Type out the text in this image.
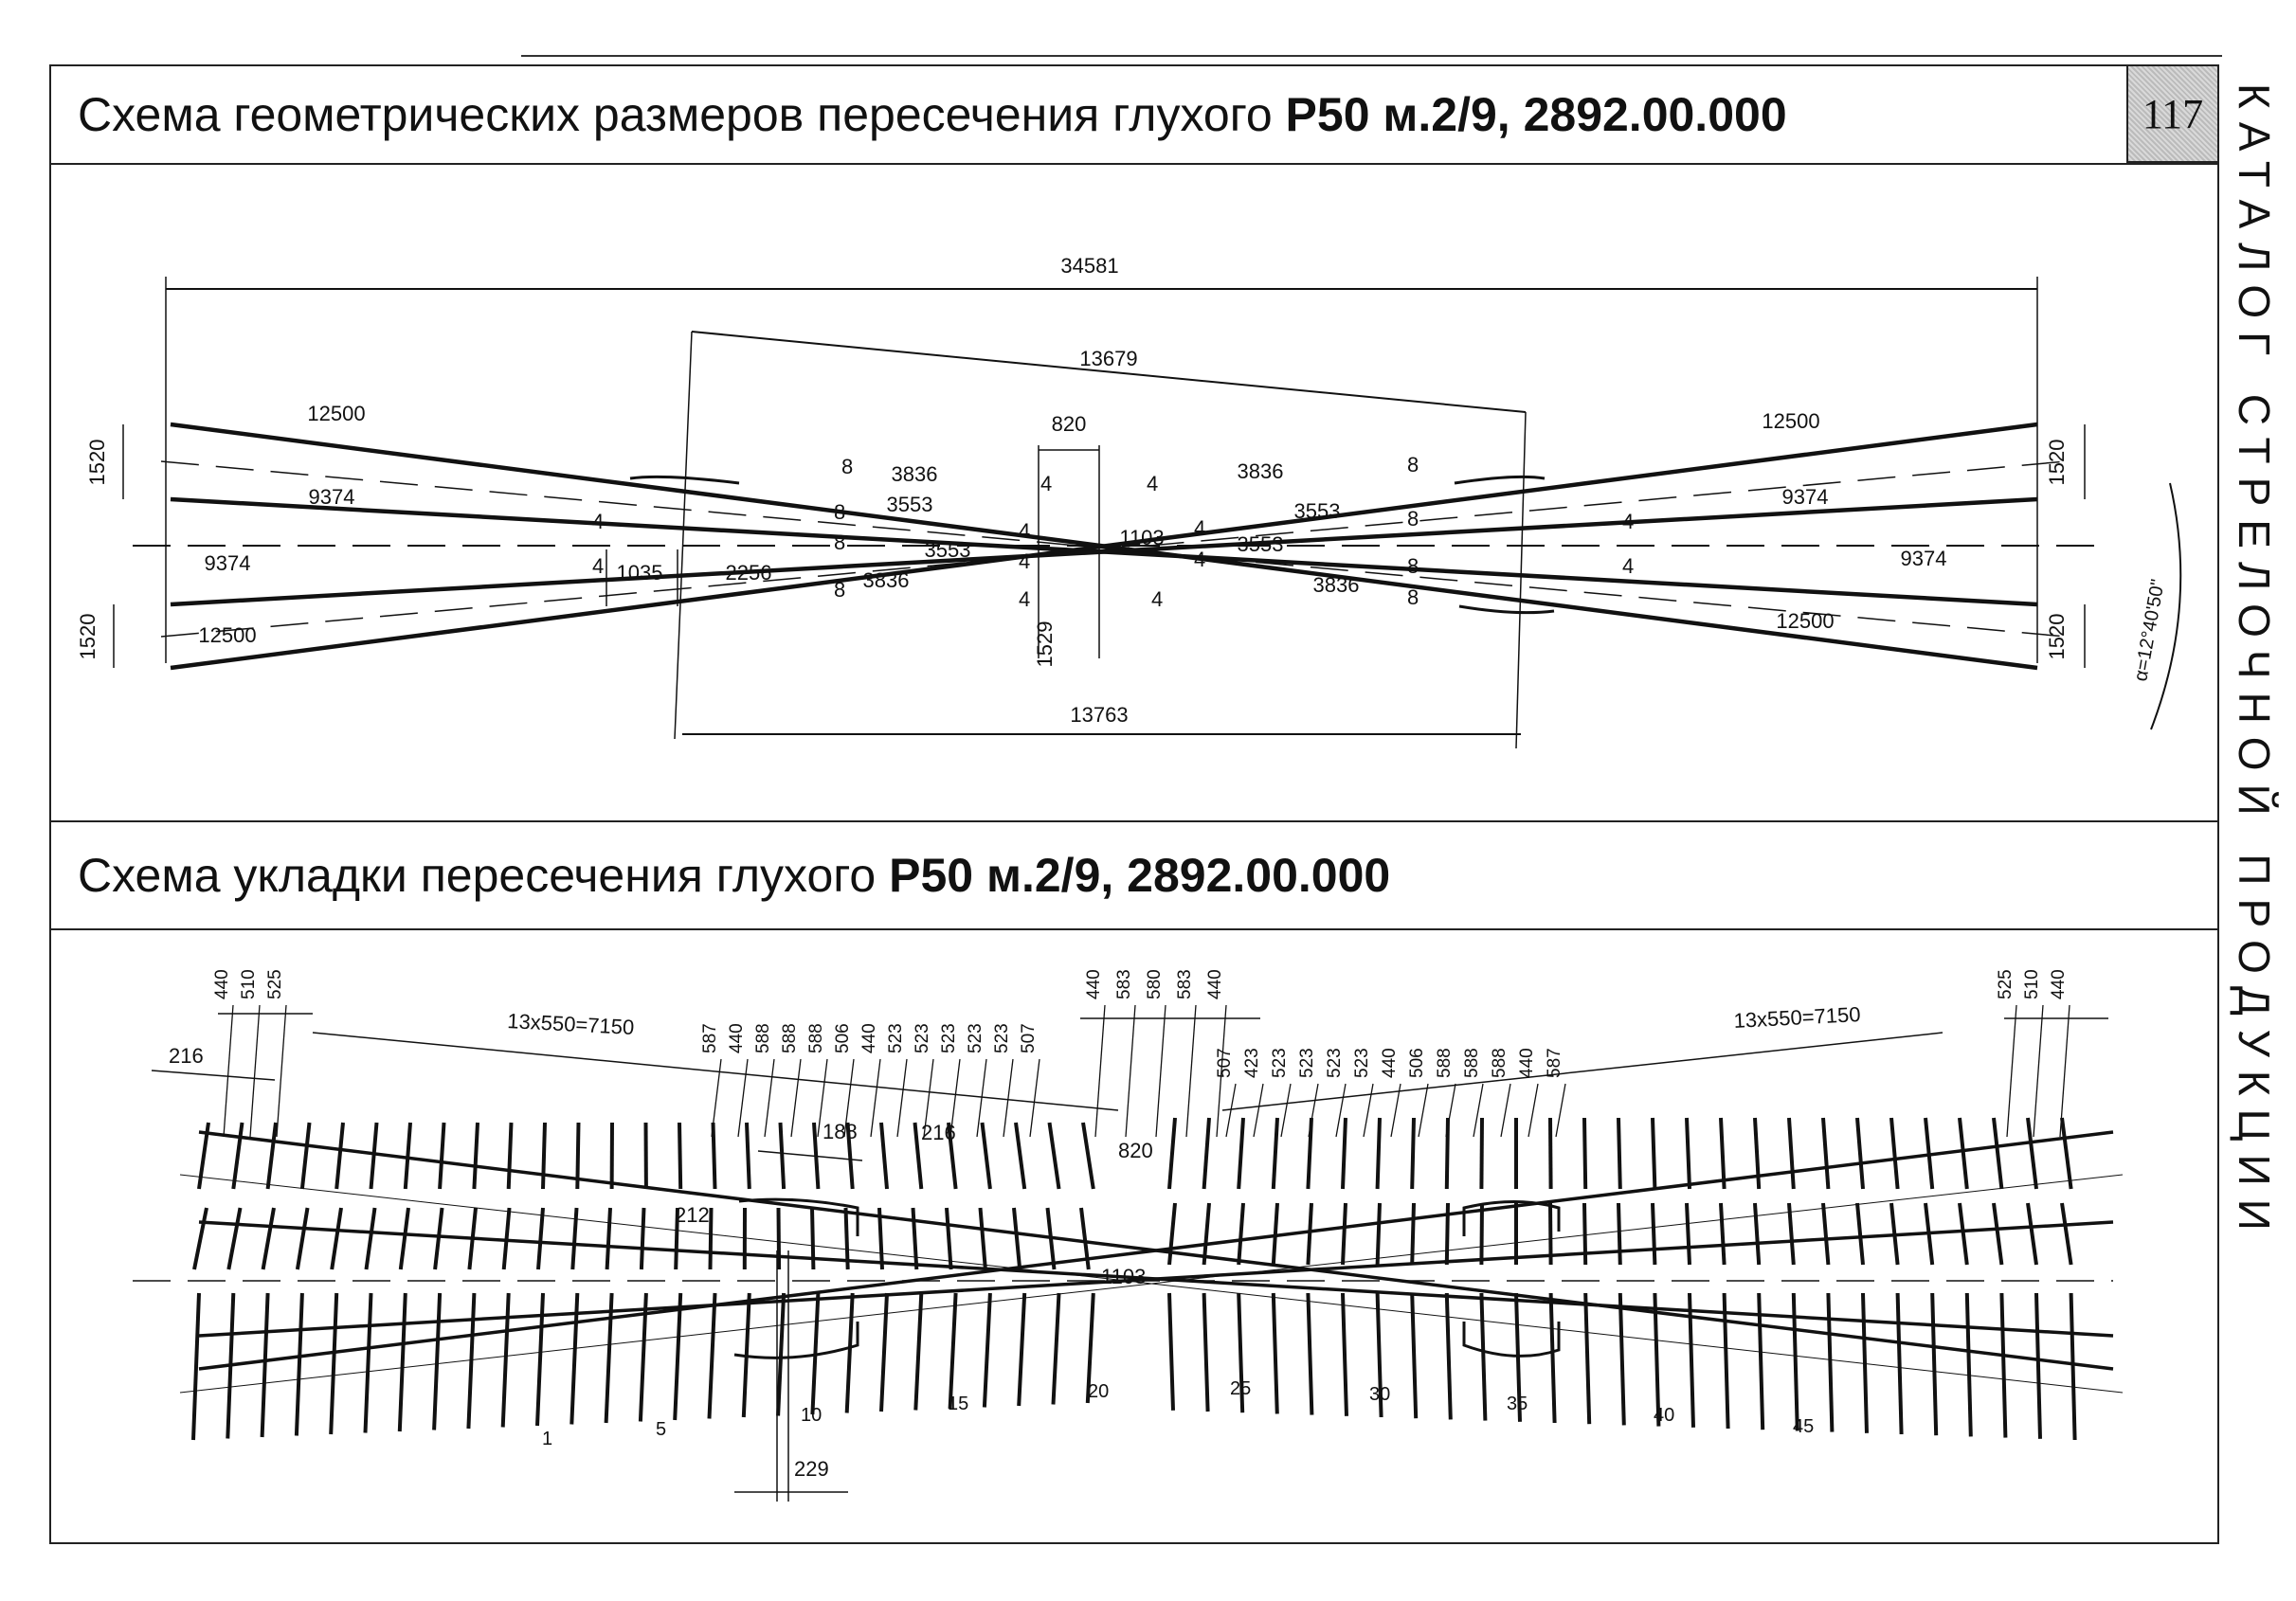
Схема геометрических размеров пересечения глухого Р50 м.2/9, 2892.00.000	117
Схема укладки пересечения глухого Р50 м.2/9, 2892.00.000	КАТАЛОГ СТРЕЛОЧНОЙ ПРОДУКЦИИ
34581
13679
13763
820
1103
1035	2256
1529
1520
1520
1520
1520
12500
12500
12500
12500
9374
9374
9374
9374
3836
3836
3836
3836
3553
3553
3553
3553
8
8
8
8
8
8
8
8
4
4
4	4
4
4
4
4
4	4
4
4
α=12°40'50"
13x550=7150	13x550=7150
216
188	216
820
212
1103
229
440 510 525
587 440 588 588 588 506 440 523 523 523 523 523 507
440 583 580 583 440
507 423 523 523 523 523 440 506 588 588 588 440 587
525 510 440
1	5
10
15
20	25	30	35
40
45
